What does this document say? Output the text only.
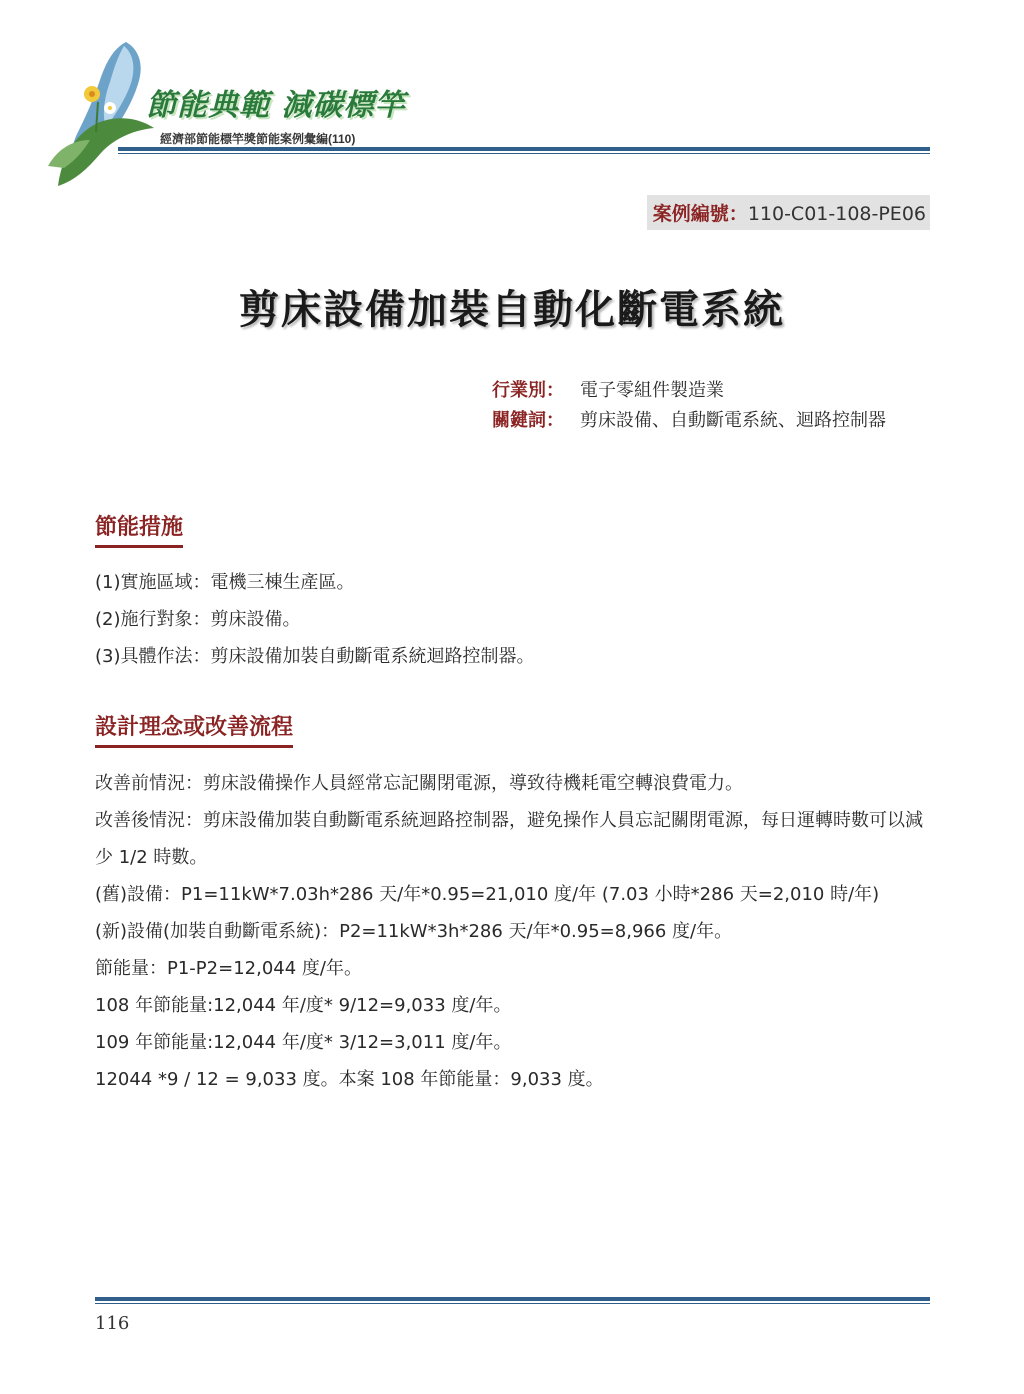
節能典範 減碳標竿
經濟部節能標竿獎節能案例彙編(110)
案例編號：110-C01-108-PE06
剪床設備加裝自動化斷電系統
行業別： 電子零組件製造業
關鍵詞： 剪床設備、自動斷電系統、迴路控制器
節能措施
(1)實施區域：電機三棟生產區。
(2)施行對象：剪床設備。
(3)具體作法：剪床設備加裝自動斷電系統迴路控制器。
設計理念或改善流程
改善前情況：剪床設備操作人員經常忘記關閉電源，導致待機耗電空轉浪費電力。
改善後情況：剪床設備加裝自動斷電系統迴路控制器，避免操作人員忘記關閉電源，每日運轉時數可以減少 1/2 時數。
(舊)設備：P1=11kW*7.03h*286 天/年*0.95=21,010 度/年 (7.03 小時*286 天=2,010 時/年)
(新)設備(加裝自動斷電系統)：P2=11kW*3h*286 天/年*0.95=8,966 度/年。
節能量：P1-P2=12,044 度/年。
108 年節能量:12,044 年/度* 9/12=9,033 度/年。
109 年節能量:12,044 年/度* 3/12=3,011 度/年。
12044 *9 / 12 = 9,033 度。本案 108 年節能量：9,033 度。
116
